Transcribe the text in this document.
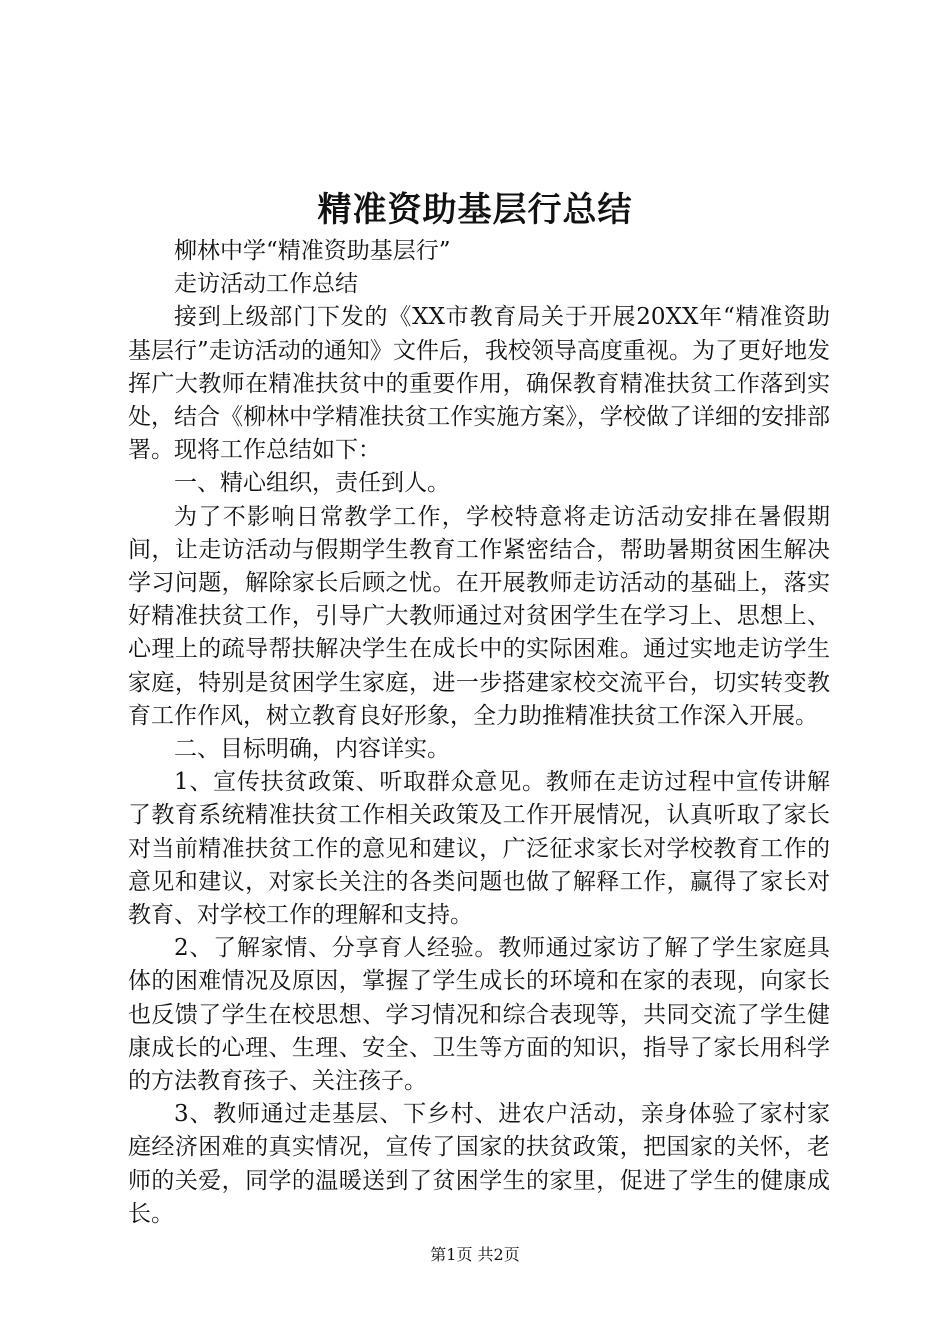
精准资助基层行总结

柳林中学“精准资助基层行”

走访活动工作总结

接到上级部门下发的《XX市教育局关于开展20XX年“精准资助基层行”走访活动的通知》文件后，我校领导高度重视。为了更好地发挥广大教师在精准扶贫中的重要作用，确保教育精准扶贫工作落到实处，结合《柳林中学精准扶贫工作实施方案》，学校做了详细的安排部署。现将工作总结如下：

一、精心组织，责任到人。

为了不影响日常教学工作，学校特意将走访活动安排在暑假期间，让走访活动与假期学生教育工作紧密结合，帮助暑期贫困生解决学习问题，解除家长后顾之忧。在开展教师走访活动的基础上，落实好精准扶贫工作，引导广大教师通过对贫困学生在学习上、思想上、心理上的疏导帮扶解决学生在成长中的实际困难。通过实地走访学生家庭，特别是贫困学生家庭，进一步搭建家校交流平台，切实转变教育工作作风，树立教育良好形象，全力助推精准扶贫工作深入开展。

二、目标明确，内容详实。

1、宣传扶贫政策、听取群众意见。教师在走访过程中宣传讲解了教育系统精准扶贫工作相关政策及工作开展情况，认真听取了家长对当前精准扶贫工作的意见和建议，广泛征求家长对学校教育工作的意见和建议，对家长关注的各类问题也做了解释工作，赢得了家长对教育、对学校工作的理解和支持。

2、了解家情、分享育人经验。教师通过家访了解了学生家庭具体的困难情况及原因，掌握了学生成长的环境和在家的表现，向家长也反馈了学生在校思想、学习情况和综合表现等，共同交流了学生健康成长的心理、生理、安全、卫生等方面的知识，指导了家长用科学的方法教育孩子、关注孩子。

3、教师通过走基层、下乡村、进农户活动，亲身体验了家村家庭经济困难的真实情况，宣传了国家的扶贫政策，把国家的关怀，老师的关爱，同学的温暖送到了贫困学生的家里，促进了学生的健康成长。

第1页 共2页
